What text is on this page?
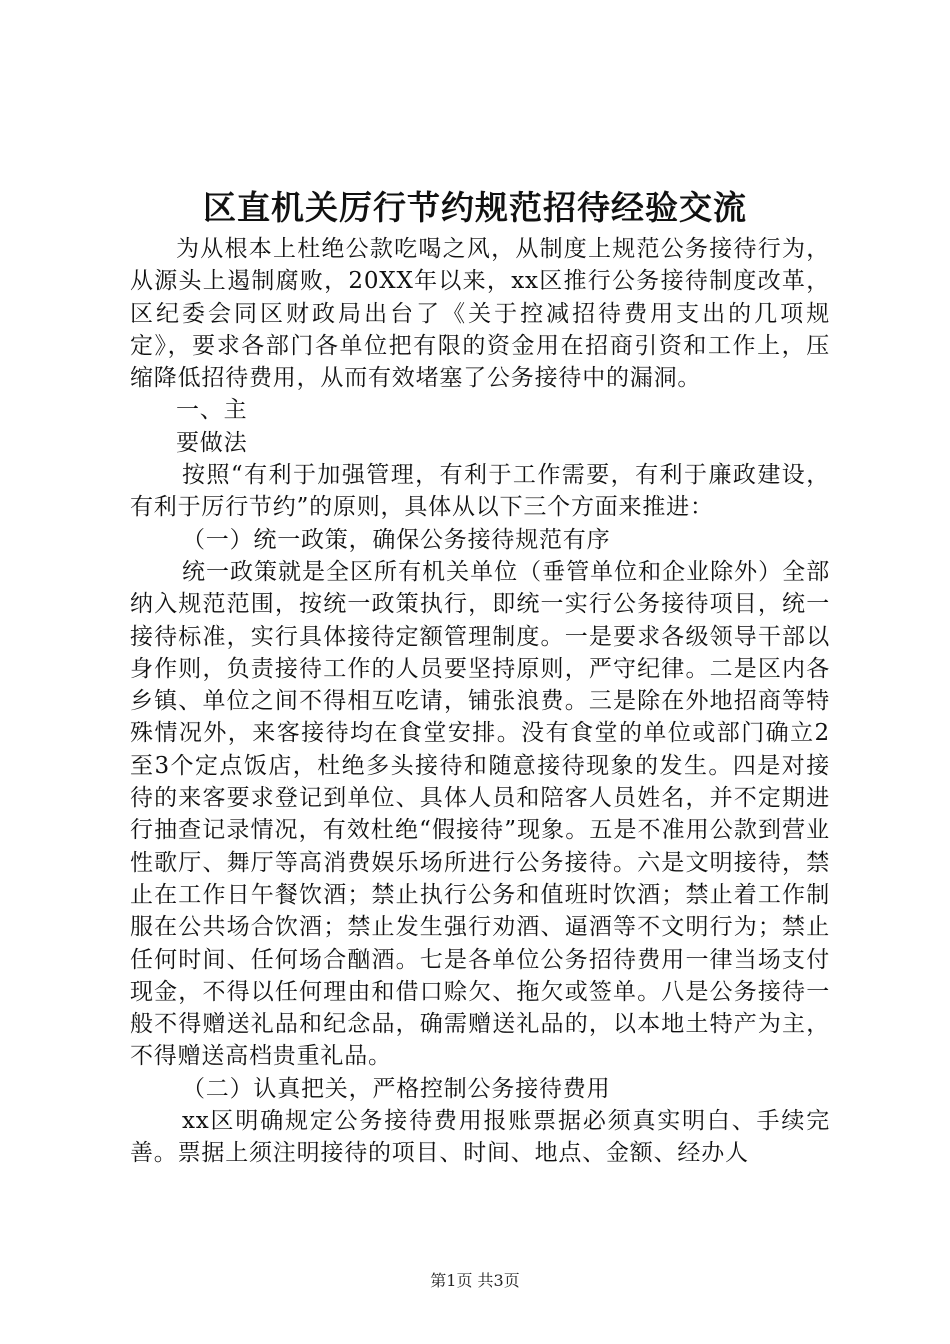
区直机关厉行节约规范招待经验交流

为从根本上杜绝公款吃喝之风，从制度上规范公务接待行为，从源头上遏制腐败，20XX年以来，xx区推行公务接待制度改革，区纪委会同区财政局出台了《关于控减招待费用支出的几项规定》，要求各部门各单位把有限的资金用在招商引资和工作上，压缩降低招待费用，从而有效堵塞了公务接待中的漏洞。

一、主

要做法

按照“有利于加强管理，有利于工作需要，有利于廉政建设，有利于厉行节约”的原则，具体从以下三个方面来推进：

（一）统一政策，确保公务接待规范有序

统一政策就是全区所有机关单位（垂管单位和企业除外）全部纳入规范范围，按统一政策执行，即统一实行公务接待项目，统一接待标准，实行具体接待定额管理制度。一是要求各级领导干部以身作则，负责接待工作的人员要坚持原则，严守纪律。二是区内各乡镇、单位之间不得相互吃请，铺张浪费。三是除在外地招商等特殊情况外，来客接待均在食堂安排。没有食堂的单位或部门确立2至3个定点饭店，杜绝多头接待和随意接待现象的发生。四是对接待的来客要求登记到单位、具体人员和陪客人员姓名，并不定期进行抽查记录情况，有效杜绝“假接待”现象。五是不准用公款到营业性歌厅、舞厅等高消费娱乐场所进行公务接待。六是文明接待，禁止在工作日午餐饮酒；禁止执行公务和值班时饮酒；禁止着工作制服在公共场合饮酒；禁止发生强行劝酒、逼酒等不文明行为；禁止任何时间、任何场合酗酒。七是各单位公务招待费用一律当场支付现金，不得以任何理由和借口赊欠、拖欠或签单。八是公务接待一般不得赠送礼品和纪念品，确需赠送礼品的，以本地土特产为主，不得赠送高档贵重礼品。

（二）认真把关，严格控制公务接待费用

xx区明确规定公务接待费用报账票据必须真实明白、手续完善。票据上须注明接待的项目、时间、地点、金额、经办人

第1页 共3页
